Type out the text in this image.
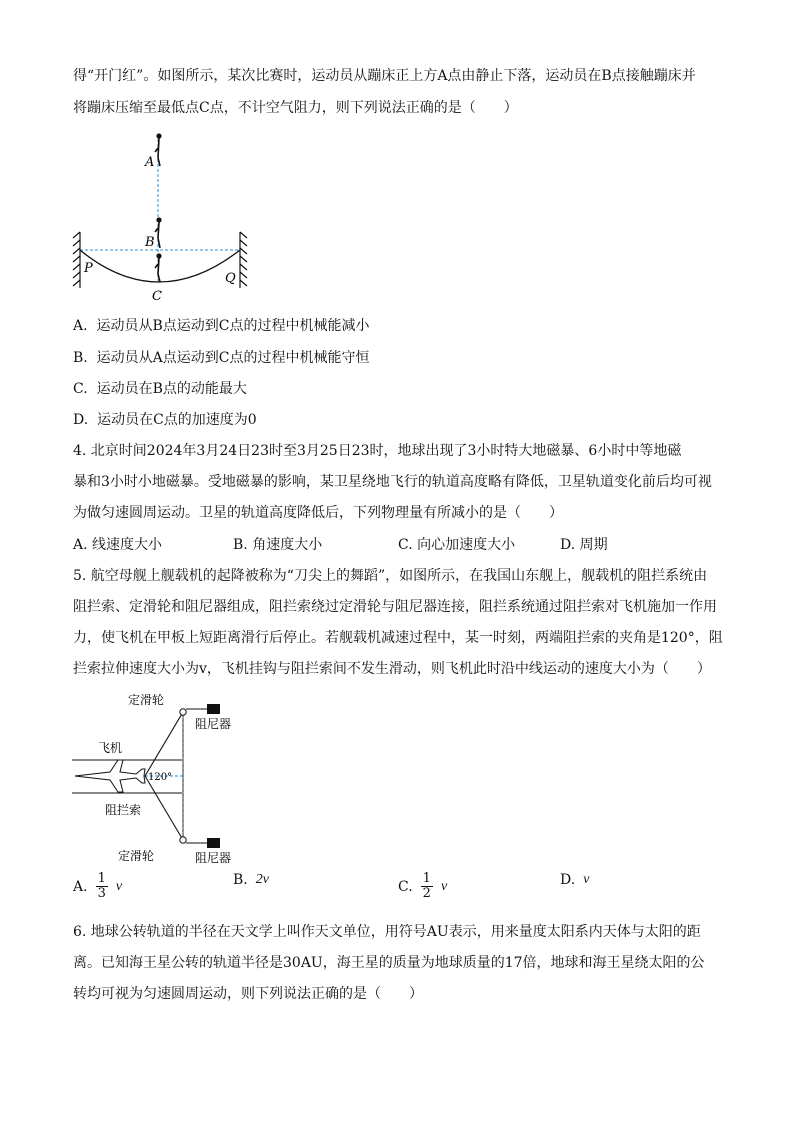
得“开门红”。如图所示，某次比赛时，运动员从蹦床正上方A点由静止下落，运动员在B点接触蹦床并
将蹦床压缩至最低点C点，不计空气阻力，则下列说法正确的是（　　）
A
B
C
P
Q
A. 运动员从B点运动到C点的过程中机械能减小
B. 运动员从A点运动到C点的过程中机械能守恒
C. 运动员在B点的动能最大
D. 运动员在C点的加速度为0
4. 北京时间2024年3月24日23时至3月25日23时，地球出现了3小时特大地磁暴、6小时中等地磁
暴和3小时小地磁暴。受地磁暴的影响，某卫星绕地飞行的轨道高度略有降低，卫星轨道变化前后均可视
为做匀速圆周运动。卫星的轨道高度降低后，下列物理量有所减小的是（　　）
A. 线速度大小	B. 角速度大小	C. 向心加速度大小	D. 周期
5. 航空母舰上舰载机的起降被称为“刀尖上的舞蹈”，如图所示，在我国山东舰上，舰载机的阻拦系统由
阻拦索、定滑轮和阻尼器组成，阻拦索绕过定滑轮与阻尼器连接，阻拦系统通过阻拦索对飞机施加一作用
力，使飞机在甲板上短距离滑行后停止。若舰载机减速过程中，某一时刻，两端阻拦索的夹角是120°，阻
拦索拉伸速度大小为v，飞机挂钩与阻拦索间不发生滑动，则飞机此时沿中线运动的速度大小为（　　）
定滑轮
阻尼器
飞机
120°
阻拦索
定滑轮	阻尼器
A. $\frac{1}{3}$ v	B. 2v	C. $\frac{1}{2}$ v	D. v
6. 地球公转轨道的半径在天文学上叫作天文单位，用符号AU表示，用来量度太阳系内天体与太阳的距
离。已知海王星公转的轨道半径是30AU，海王星的质量为地球质量的17倍，地球和海王星绕太阳的公
转均可视为匀速圆周运动，则下列说法正确的是（　　）
